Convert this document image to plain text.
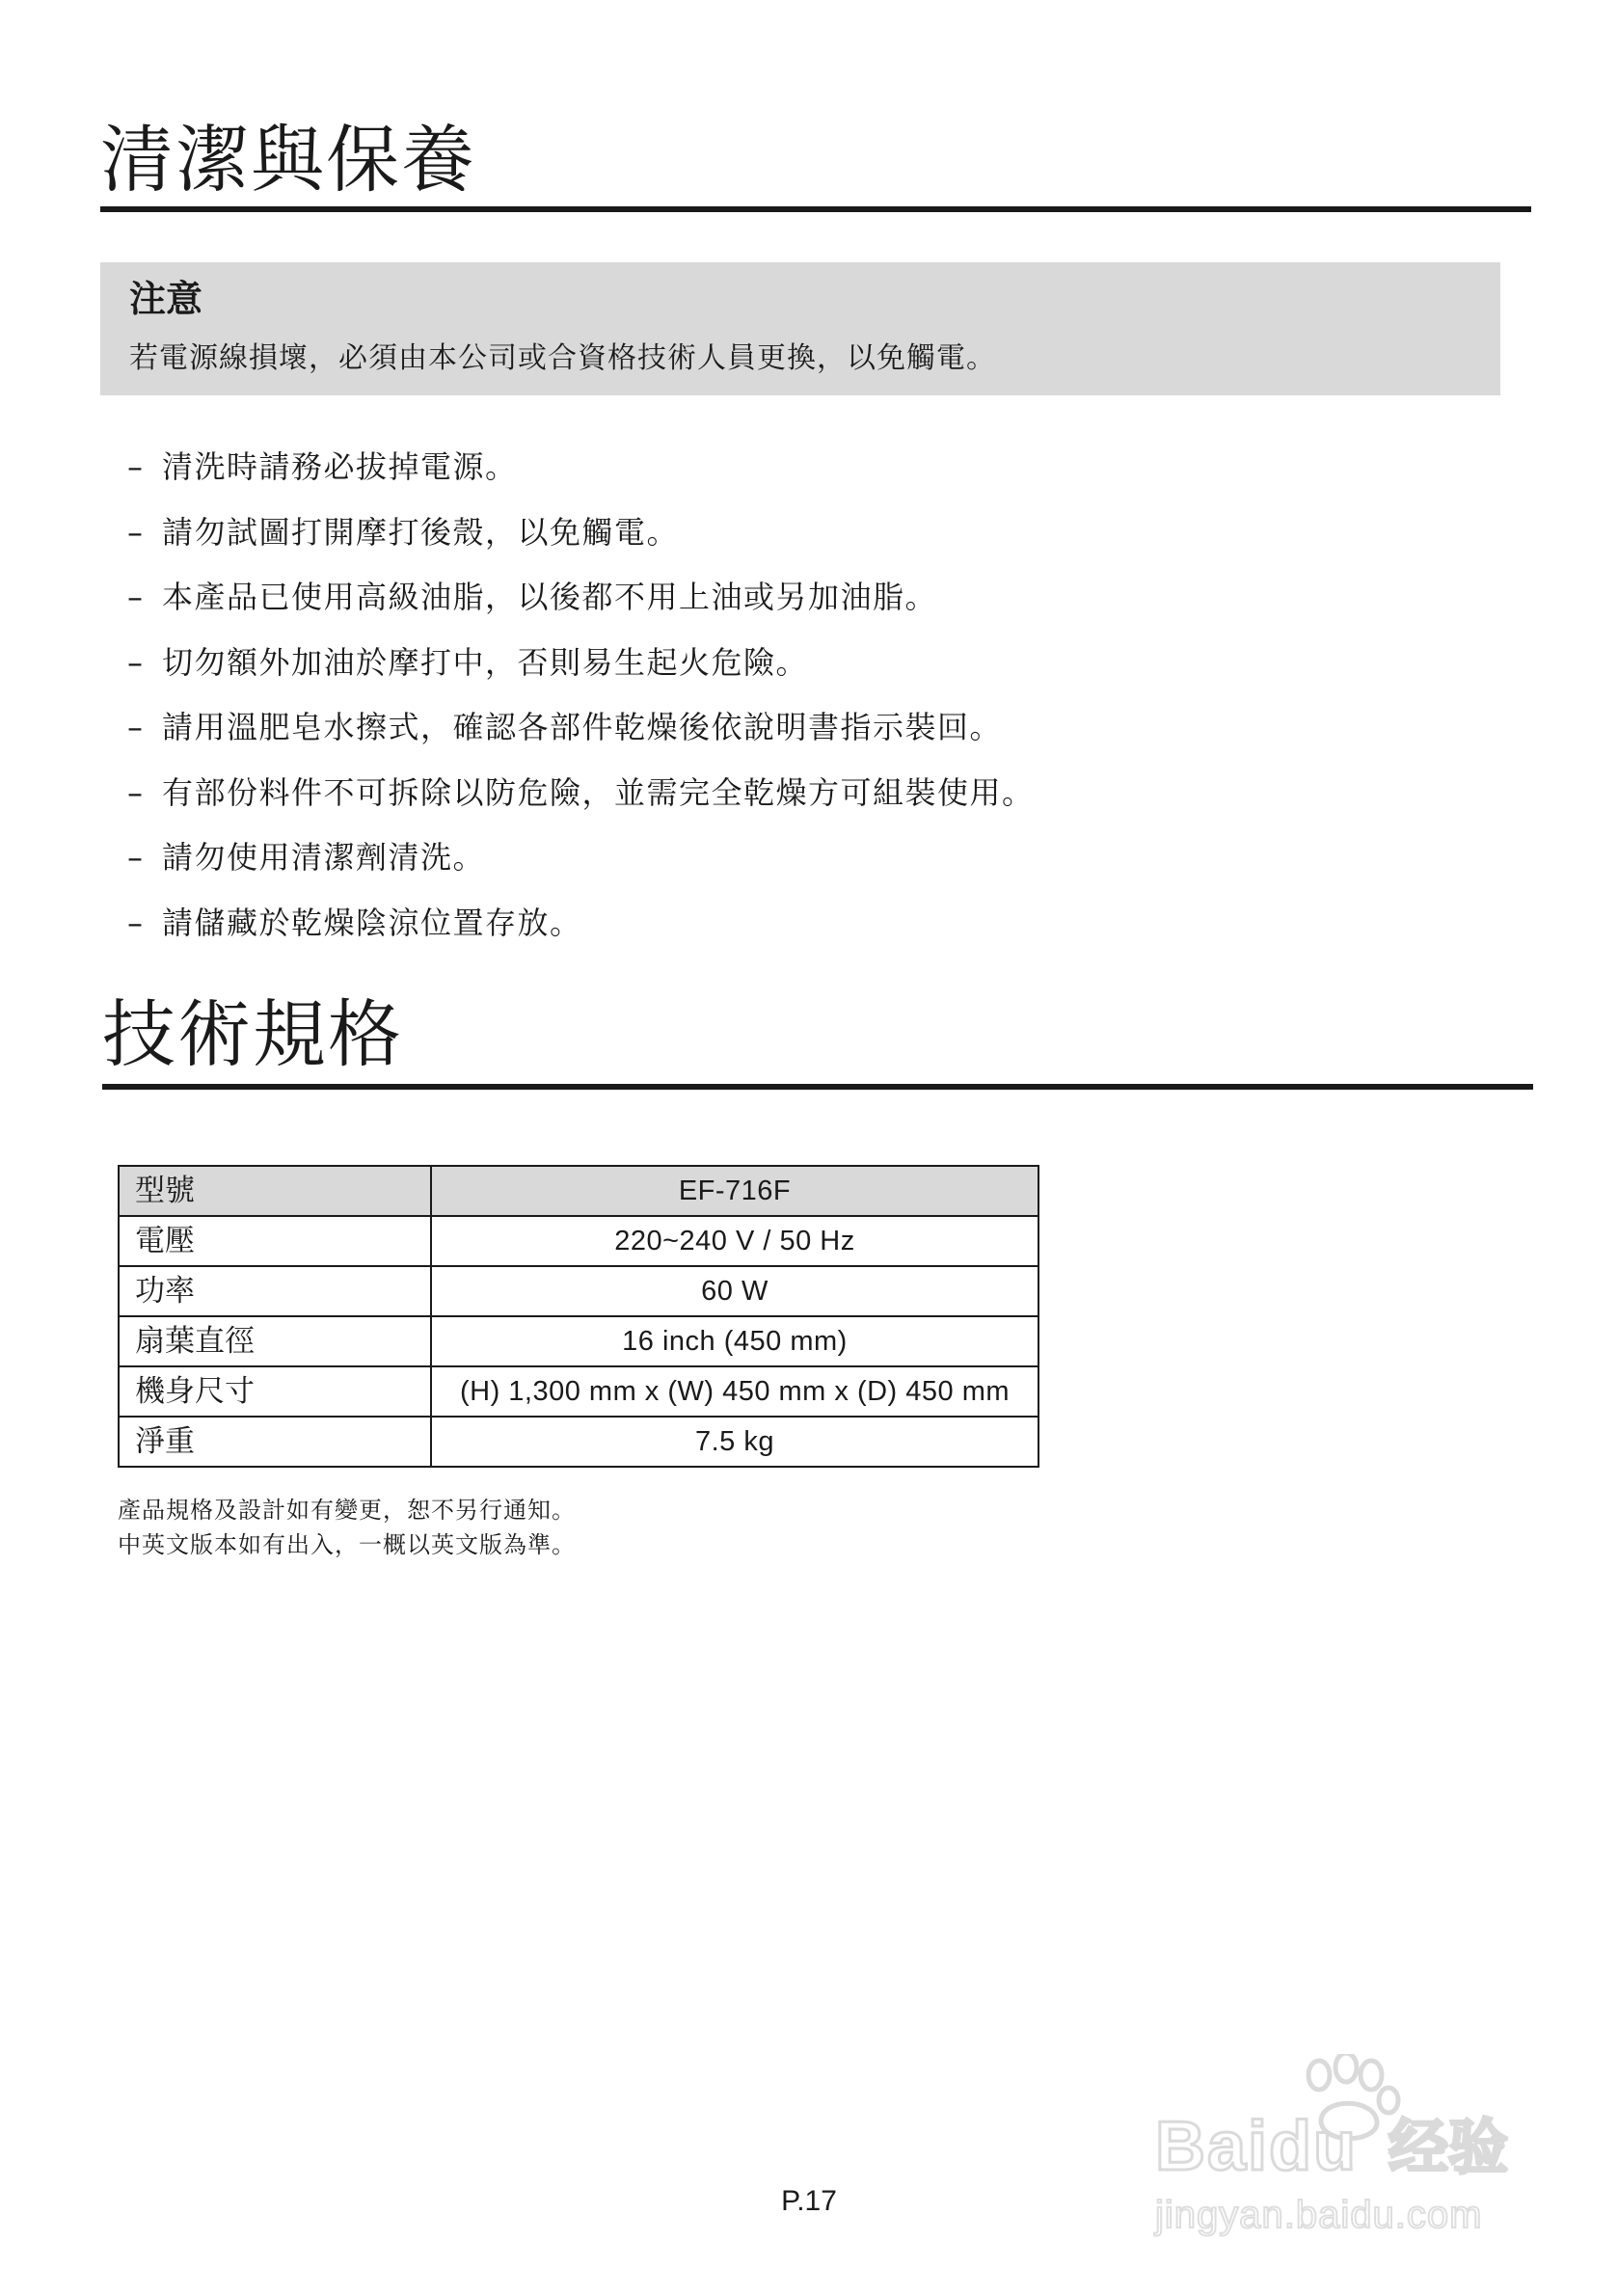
清潔與保養
注意
若電源線損壞，必須由本公司或合資格技術人員更換，以免觸電。
– 清洗時請務必拔掉電源。
– 請勿試圖打開摩打後殼，以免觸電。
– 本產品已使用高級油脂，以後都不用上油或另加油脂。
– 切勿額外加油於摩打中，否則易生起火危險。
– 請用溫肥皂水擦式，確認各部件乾燥後依說明書指示裝回。
– 有部份料件不可拆除以防危險，並需完全乾燥方可組裝使用。
– 請勿使用清潔劑清洗。
– 請儲藏於乾燥陰涼位置存放。
技術規格
型號	EF-716F
電壓	220~240 V / 50 Hz
功率	60 W
扇葉直徑	16 inch (450 mm)
機身尺寸	(H) 1,300 mm x (W) 450 mm x (D) 450 mm
淨重	7.5 kg
產品規格及設計如有變更，恕不另行通知。
中英文版本如有出入，一概以英文版為準。
P.17
Baidu 经验
jingyan.baidu.com
